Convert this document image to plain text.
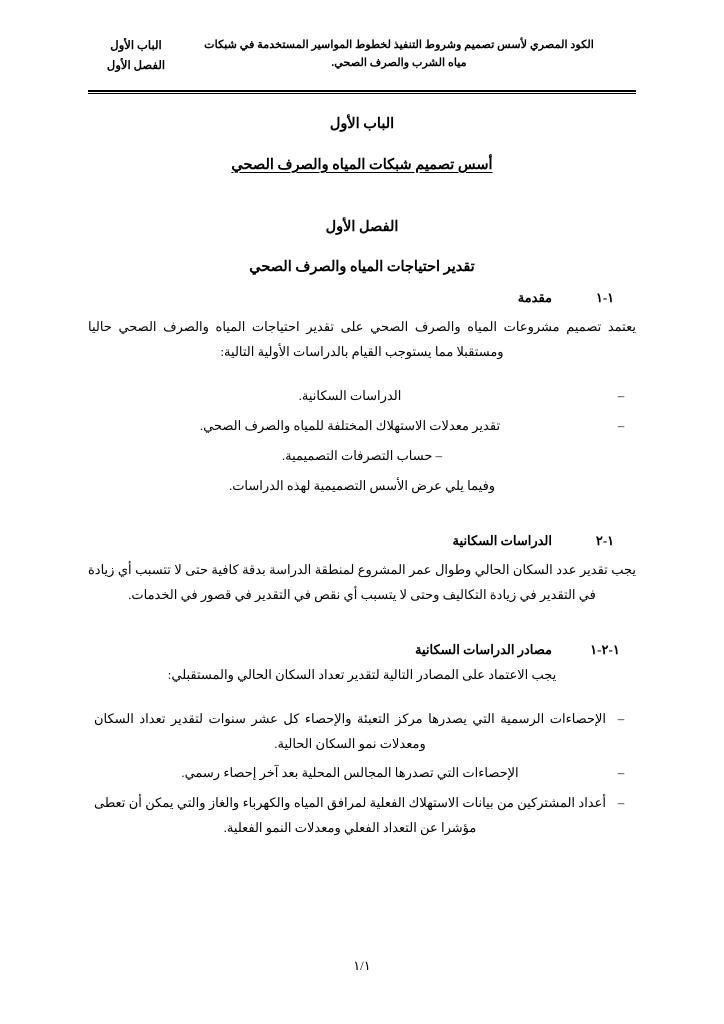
الكود المصري لأسس تصميم وشروط التنفيذ لخطوط المواسير المستخدمة في شبكات مياه الشرب والصرف الصحي.
الباب الأول
الفصل الأول
الباب الأول
أسس تصميم شبكات المياه والصرف الصحي
الفصل الأول
تقدير احتياجات المياه والصرف الصحي
١-١
مقدمة
يعتمد تصميم مشروعات المياه والصرف الصحي على تقدير احتياجات المياه والصرف الصحي حاليا ومستقبلا مما يستوجب القيام بالدراسات الأولية التالية:
–
الدراسات السكانية.
–
تقدير معدلات الاستهلاك المختلفة للمياه والصرف الصحي.
– حساب التصرفات التصميمية.
وفيما يلي عرض الأسس التصميمية لهذه الدراسات.
١-٢
الدراسات السكانية
يجب تقدير عدد السكان الحالي وطوال عمر المشروع لمنطقة الدراسة بدقة كافية حتى لا تتسبب أي زيادة في التقدير في زيادة التكاليف وحتى لا يتسبب أي نقص في التقدير في قصور في الخدمات.
١-٢-١
مصادر الدراسات السكانية
يجب الاعتماد على المصادر التالية لتقدير تعداد السكان الحالي والمستقبلي:
–
الإحصاءات الرسمية التي يصدرها مركز التعبئة والإحصاء كل عشر سنوات لتقدير تعداد السكان ومعدلات نمو السكان الحالية.
–
الإحصاءات التي تصدرها المجالس المحلية بعد آخر إحصاء رسمي.
–
أعداد المشتركين من بيانات الاستهلاك الفعلية لمرافق المياه والكهرباء والغاز والتي يمكن أن تعطى مؤشرا عن التعداد الفعلي ومعدلات النمو الفعلية.
١/١
